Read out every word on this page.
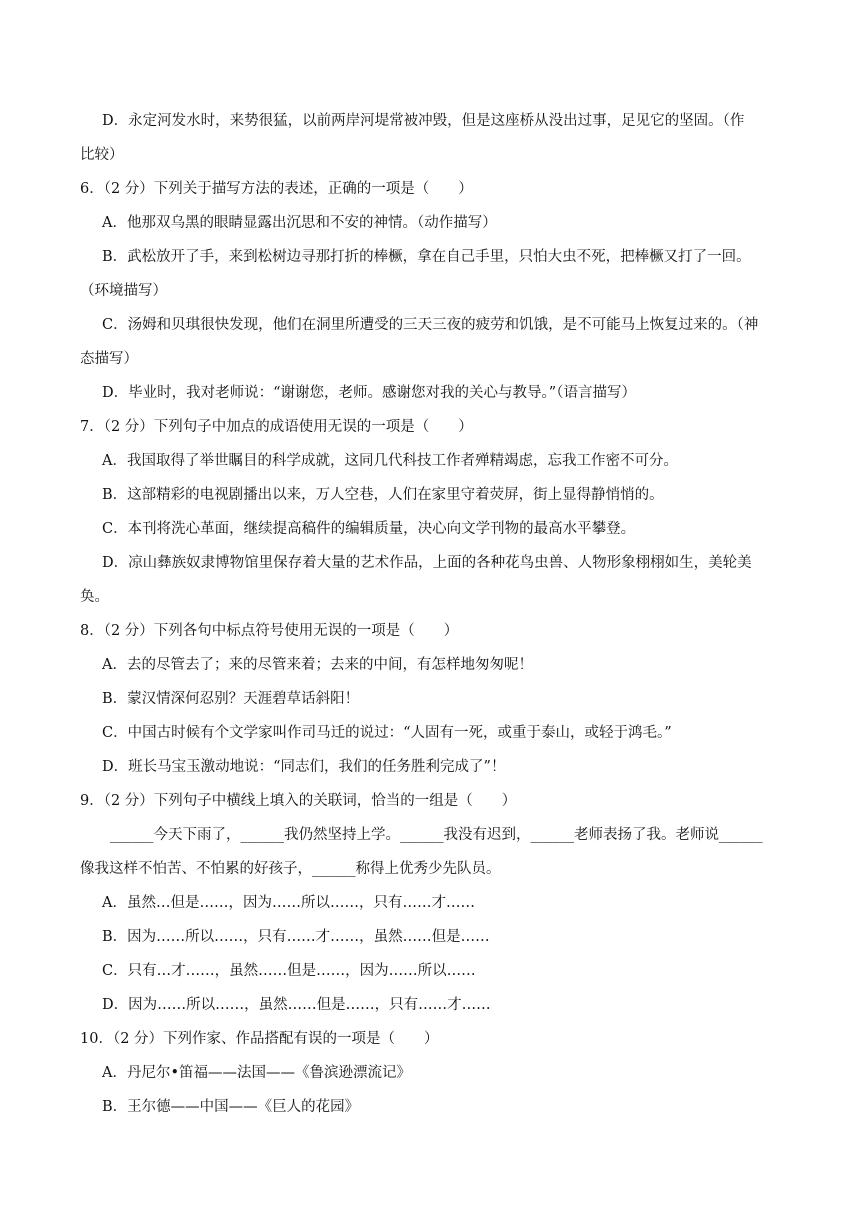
D．永定河发水时，来势很猛，以前两岸河堤常被冲毁，但是这座桥从没出过事，足见它的坚固。（作
比较）
6．（2 分）下列关于描写方法的表述，正确的一项是（　　）
A．他那双乌黑的眼睛显露出沉思和不安的神情。（动作描写）
B．武松放开了手，来到松树边寻那打折的棒橛，拿在自己手里，只怕大虫不死，把棒橛又打了一回。
（环境描写）
C．汤姆和贝琪很快发现，他们在洞里所遭受的三天三夜的疲劳和饥饿，是不可能马上恢复过来的。（神
态描写）
D．毕业时，我对老师说：“谢谢您，老师。感谢您对我的关心与教导。”（语言描写）
7．（2 分）下列句子中加点的成语使用无误的一项是（　　）
A．我国取得了举世瞩目的科学成就，这同几代科技工作者殚精竭虑，忘我工作密不可分。
B．这部精彩的电视剧播出以来，万人空巷，人们在家里守着荧屏，街上显得静悄悄的。
C．本刊将洗心革面，继续提高稿件的编辑质量，决心向文学刊物的最高水平攀登。
D．凉山彝族奴隶博物馆里保存着大量的艺术作品，上面的各种花鸟虫兽、人物形象栩栩如生，美轮美
奂。
8．（2 分）下列各句中标点符号使用无误的一项是（　　）
A．去的尽管去了；来的尽管来着；去来的中间，有怎样地匆匆呢！
B．蒙汉情深何忍别？天涯碧草话斜阳！
C．中国古时候有个文学家叫作司马迁的说过：“人固有一死，或重于泰山，或轻于鸿毛。”
D．班长马宝玉激动地说：“同志们，我们的任务胜利完成了”！
9．（2 分）下列句子中横线上填入的关联词，恰当的一组是（　　）
______今天下雨了，______我仍然坚持上学。______我没有迟到，______老师表扬了我。老师说______
像我这样不怕苦、不怕累的好孩子，______称得上优秀少先队员。
A．虽然…但是……，因为……所以……，只有……才……
B．因为……所以……，只有……才……，虽然……但是……
C．只有…才……，虽然……但是……，因为……所以……
D．因为……所以……，虽然……但是……，只有……才……
10．（2 分）下列作家、作品搭配有误的一项是（　　）
A．丹尼尔•笛福——法国——《鲁滨逊漂流记》
B．王尔德——中国——《巨人的花园》
